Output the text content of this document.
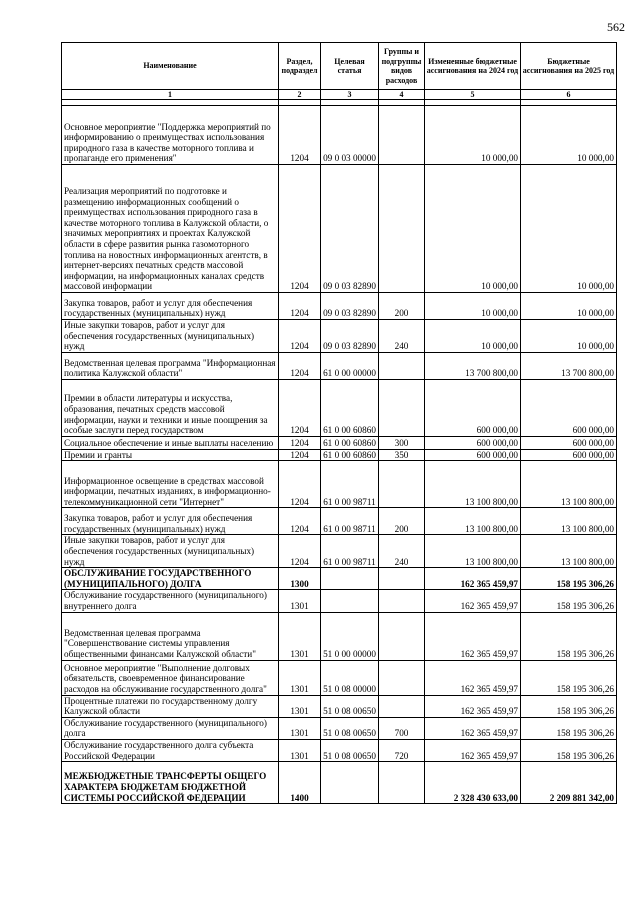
562
Наименование	Раздел, подраздел	Целевая статья	Группы и подгруппы видов расходов	Измененные бюджетные ассигнования на 2024 год	Бюджетные ассигнования на 2025 год
1	2	3	4	5	6

Основное мероприятие "Поддержка мероприятий по информированию о преимуществах использования природного газа в качестве моторного топлива и пропаганде его применения"	1204	09 0 03 00000		10 000,00	10 000,00
Реализация мероприятий по подготовке и размещению информационных сообщений о преимуществах использования природного газа в качестве моторного топлива в Калужской области, о значимых мероприятиях и проектах Калужской области в сфере развития рынка газомоторного топлива на новостных информационных агентств, в интернет-версиях печатных средств массовой информации, на информационных каналах средств массовой информации	1204	09 0 03 82890		10 000,00	10 000,00
Закупка товаров, работ и услуг для обеспечения государственных (муниципальных) нужд	1204	09 0 03 82890	200	10 000,00	10 000,00
Иные закупки товаров, работ и услуг для обеспечения государственных (муниципальных) нужд	1204	09 0 03 82890	240	10 000,00	10 000,00
Ведомственная целевая программа "Информационная политика Калужской области"	1204	61 0 00 00000		13 700 800,00	13 700 800,00
Премии в области литературы и искусства, образования, печатных средств массовой информации, науки и техники и иные поощрения за особые заслуги перед государством	1204	61 0 00 60860		600 000,00	600 000,00
Социальное обеспечение и иные выплаты населению	1204	61 0 00 60860	300	600 000,00	600 000,00
Премии и гранты	1204	61 0 00 60860	350	600 000,00	600 000,00
Информационное освещение в средствах массовой информации, печатных изданиях, в информационно-телекоммуникационной сети "Интернет"	1204	61 0 00 98711		13 100 800,00	13 100 800,00
Закупка товаров, работ и услуг для обеспечения государственных (муниципальных) нужд	1204	61 0 00 98711	200	13 100 800,00	13 100 800,00
Иные закупки товаров, работ и услуг для обеспечения государственных (муниципальных) нужд	1204	61 0 00 98711	240	13 100 800,00	13 100 800,00
ОБСЛУЖИВАНИЕ ГОСУДАРСТВЕННОГО (МУНИЦИПАЛЬНОГО) ДОЛГА	1300			162 365 459,97	158 195 306,26
Обслуживание государственного (муниципального) внутреннего долга	1301			162 365 459,97	158 195 306,26
Ведомственная целевая программа "Совершенствование системы управления общественными финансами Калужской области"	1301	51 0 00 00000		162 365 459,97	158 195 306,26
Основное мероприятие "Выполнение долговых обязательств, своевременное финансирование расходов на обслуживание государственного долга"	1301	51 0 08 00000		162 365 459,97	158 195 306,26
Процентные платежи по государственному долгу Калужской области	1301	51 0 08 00650		162 365 459,97	158 195 306,26
Обслуживание государственного (муниципального) долга	1301	51 0 08 00650	700	162 365 459,97	158 195 306,26
Обслуживание государственного долга субъекта Российской Федерации	1301	51 0 08 00650	720	162 365 459,97	158 195 306,26
МЕЖБЮДЖЕТНЫЕ ТРАНСФЕРТЫ ОБЩЕГО ХАРАКТЕРА БЮДЖЕТАМ БЮДЖЕТНОЙ СИСТЕМЫ РОССИЙСКОЙ ФЕДЕРАЦИИ	1400			2 328 430 633,00	2 209 881 342,00
